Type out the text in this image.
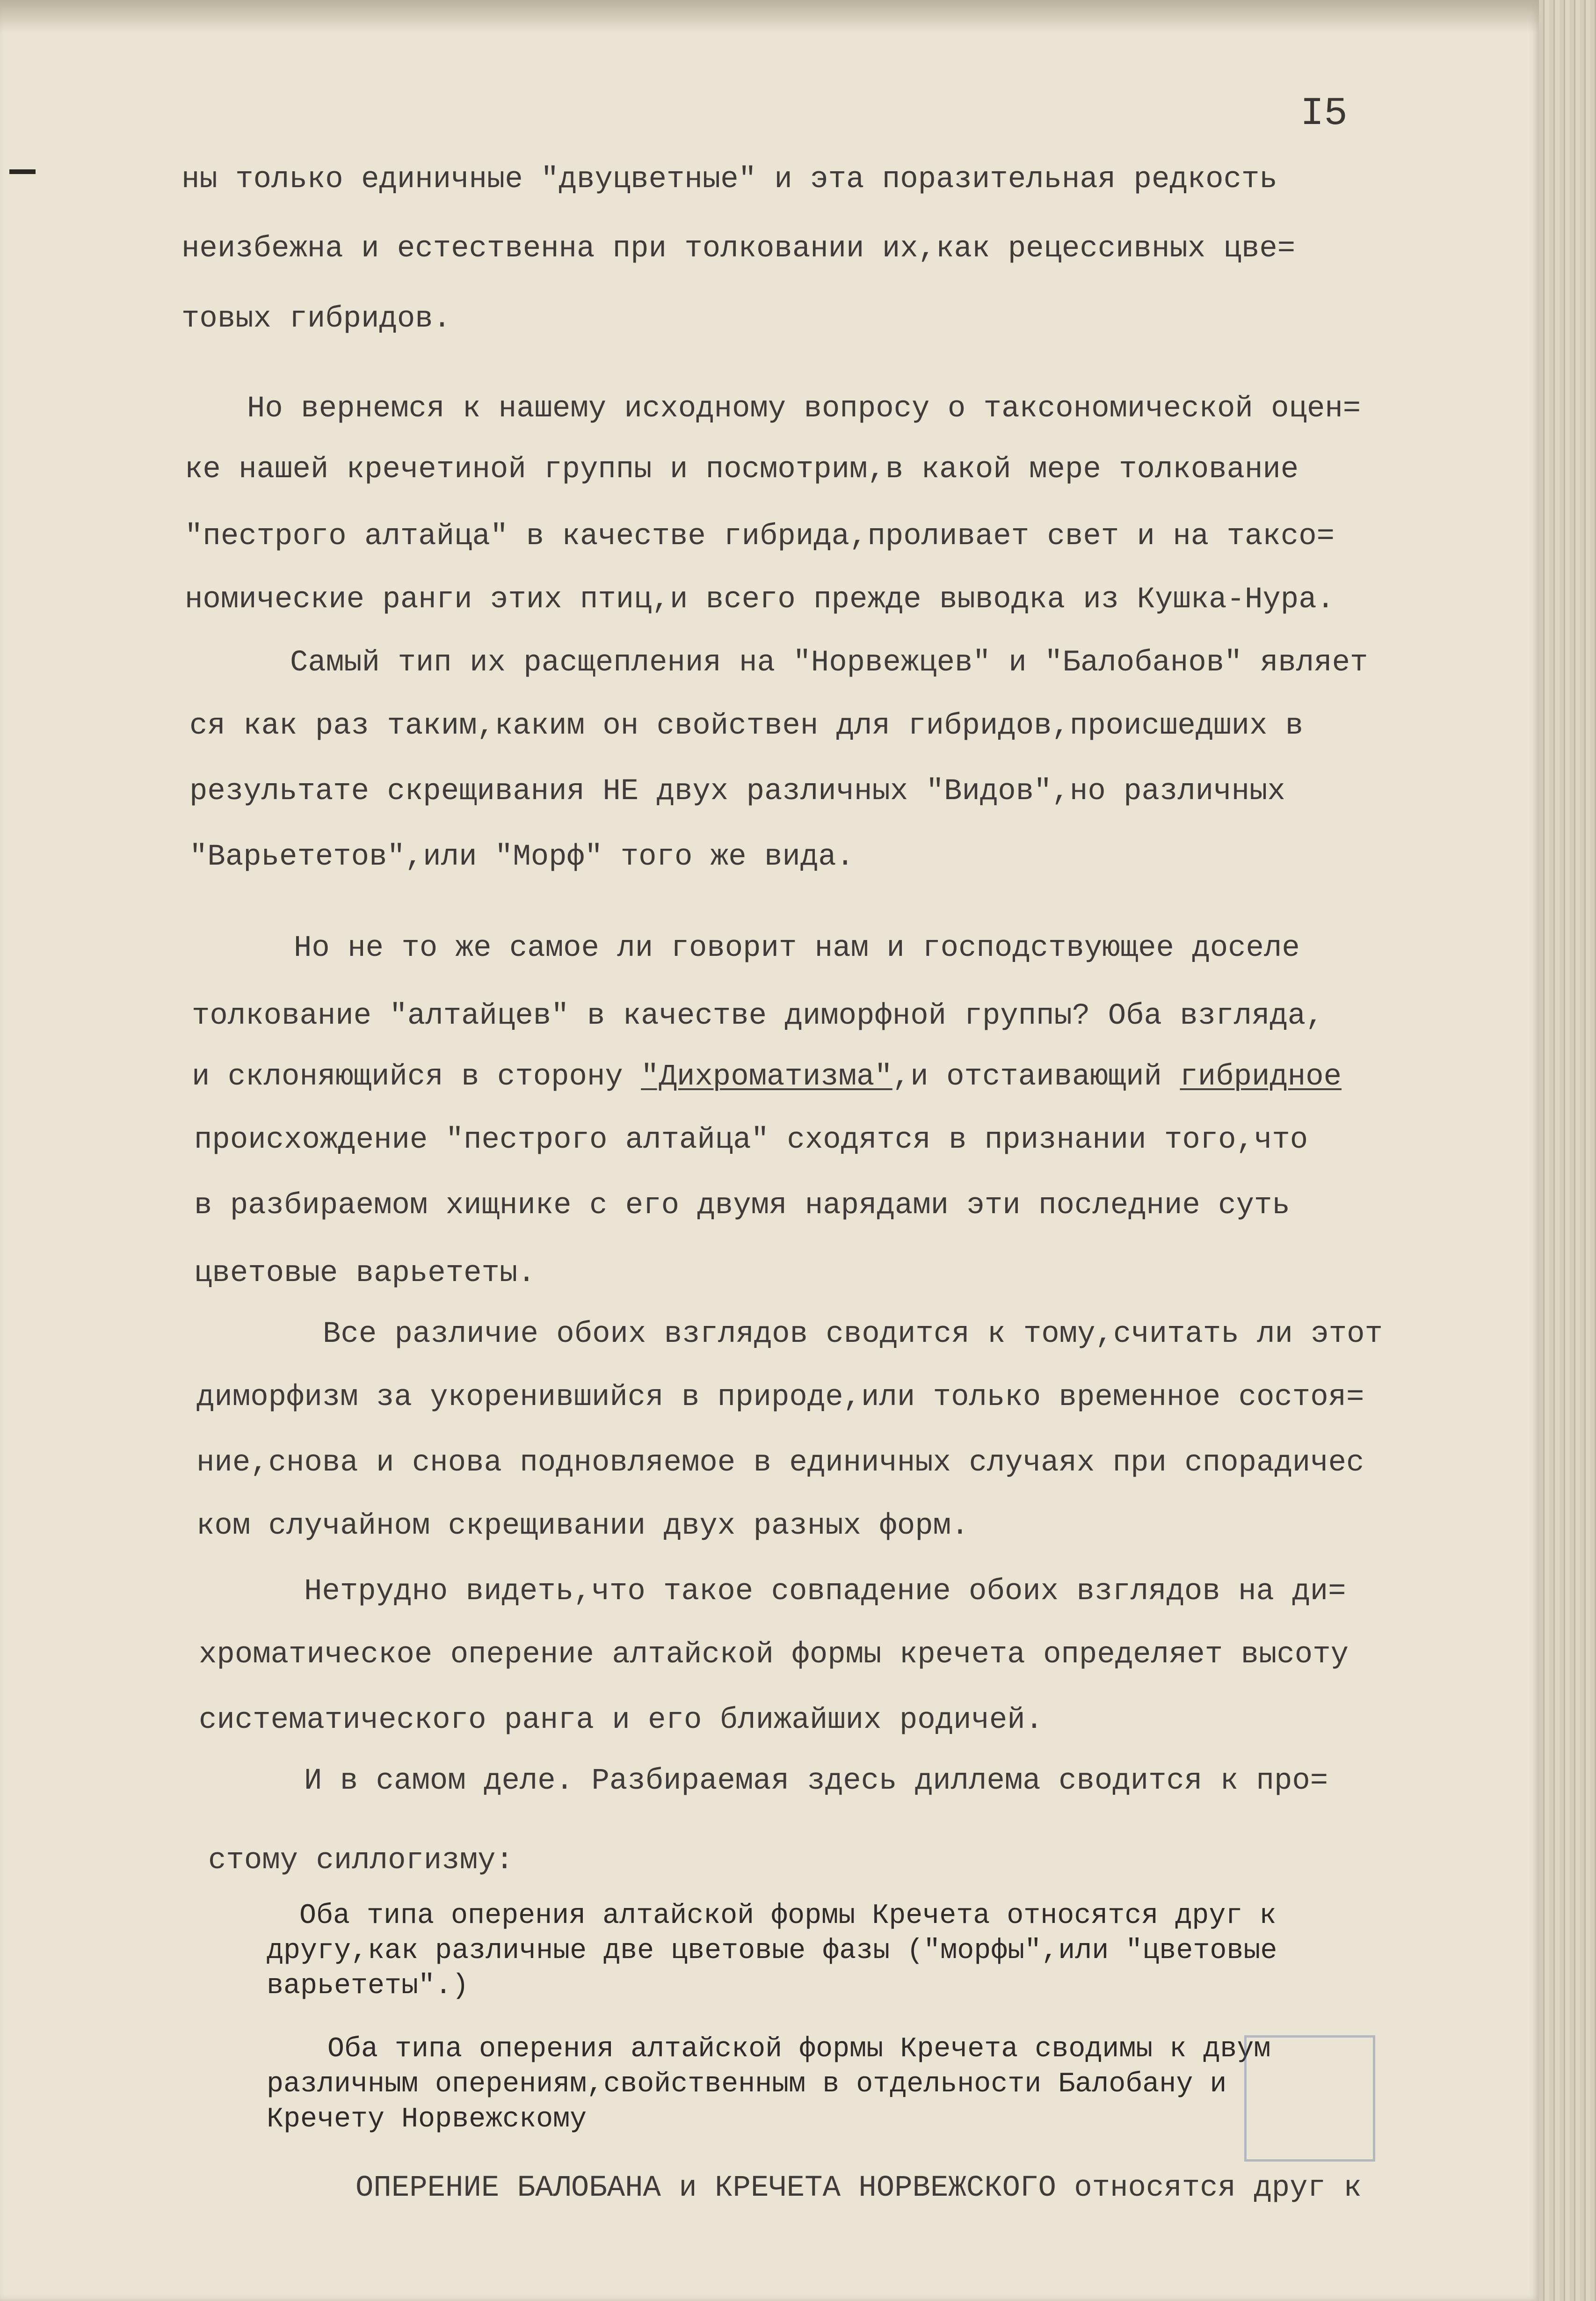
I5
ны только единичные "двуцветные" и эта поразительная редкость
неизбежна и естественна при толковании их,как рецессивных цве=
товых гибридов.
Но вернемся к нашему исходному вопросу о таксономической оцен=
ке нашей кречетиной группы и посмотрим,в какой мере толкование
"пестрого алтайца" в качестве гибрида,проливает свет и на таксо=
номические ранги этих птиц,и всего прежде выводка из Кушка-Нура.
Самый тип их расщепления на "Норвежцев" и "Балобанов" являет
ся как раз таким,каким он свойствен для гибридов,происшедших в
результате скрещивания НЕ двух различных "Видов",но различных
"Варьететов",или "Морф" того же вида.
Но не то же самое ли говорит нам и господствующее доселе
толкование "алтайцев" в качестве диморфной группы? Оба взгляда,
и склоняющийся в сторону "Дихроматизма",и отстаивающий гибридное
происхождение "пестрого алтайца" сходятся в признании того,что
в разбираемом хищнике с его двумя нарядами эти последние суть
цветовые варьететы.
Все различие обоих взглядов сводится к тому,считать ли этот
диморфизм за укоренившийся в природе,или только временное состоя=
ние,снова и снова подновляемое в единичных случаях при спорадичес
ком случайном скрещивании двух разных форм.
Нетрудно видеть,что такое совпадение обоих взглядов на ди=
хроматическое оперение алтайской формы кречета определяет высоту
систематического ранга и его ближайших родичей.
И в самом деле. Разбираемая здесь диллема сводится к про=
стому силлогизму:
Оба типа оперения алтайской формы Кречета относятся друг к
другу,как различные две цветовые фазы ("морфы",или "цветовые
варьететы".)
Оба типа оперения алтайской формы Кречета сводимы к двум
различным оперениям,свойственным в отдельности Балобану и
Кречету Норвежскому
ОПЕРЕНИЕ БАЛОБАНА и КРЕЧЕТА НОРВЕЖСКОГО относятся друг к
